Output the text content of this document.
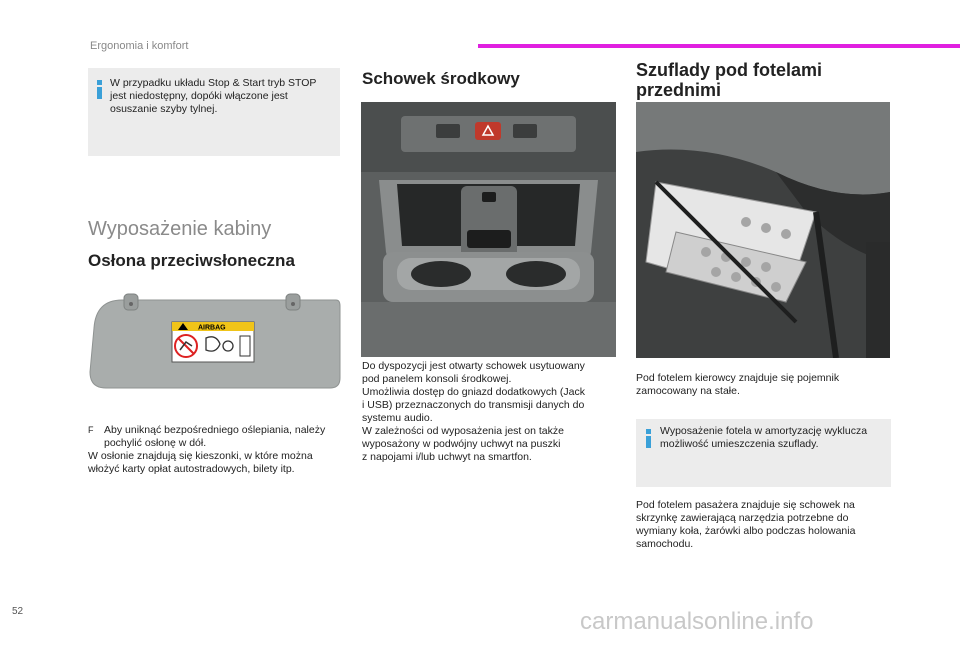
Ergonomia i komfort

W przypadku układu Stop & Start tryb STOP jest niedostępny, dopóki włączone jest osuszanie szyby tylnej.

Wyposażenie kabiny
Osłona przeciwsłoneczna
AIRBAG
F	Aby uniknąć bezpośredniego oślepiania, należy
pochylić osłonę w dół.

W osłonie znajdują się kieszonki, w które można

włożyć karty opłat autostradowych, bilety itp.

Schowek środkowy

Do dyspozycji jest otwarty schowek usytuowany

pod panelem konsoli środkowej.

Umożliwia dostęp do gniazd dodatkowych (Jack

i USB) przeznaczonych do transmisji danych do

systemu audio.

W zależności od wyposażenia jest on także

wyposażony w podwójny uchwyt na puszki

z napojami i/lub uchwyt na smartfon.

Szuflady pod fotelami
przednimi

Pod fotelem kierowcy znajduje się pojemnik

zamocowany na stałe.

Wyposażenie fotela w amortyzację wyklucza

możliwość umieszczenia szuflady.

Pod fotelem pasażera znajduje się schowek na

skrzynkę zawierającą narzędzia potrzebne do

wymiany koła, żarówki albo podczas holowania

samochodu.

52	carmanualsonline.info
